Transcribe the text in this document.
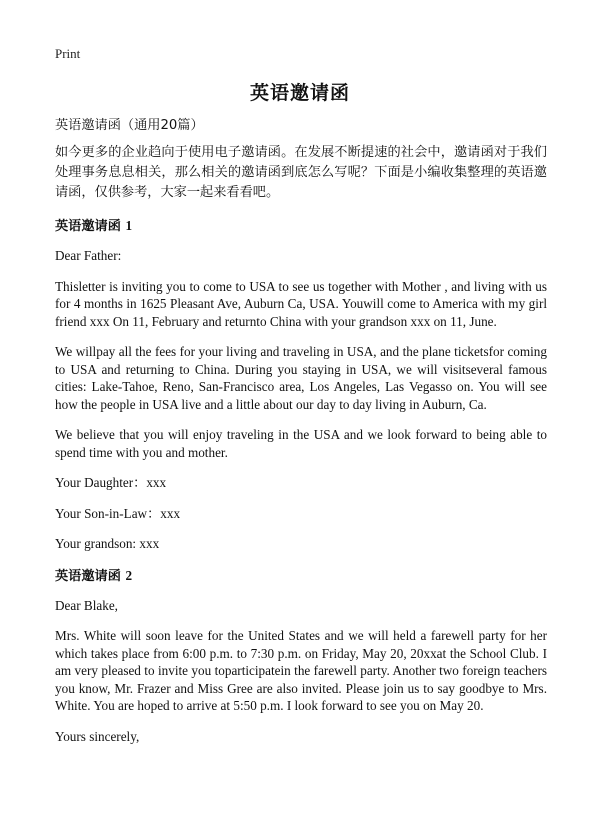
Print
英语邀请函

英语邀请函（通用20篇）

如今更多的企业趋向于使用电子邀请函。在发展不断提速的社会中，邀请函对于我们处理事务息息相关，那么相关的邀请函到底怎么写呢？下面是小编收集整理的英语邀请函，仅供参考，大家一起来看看吧。

英语邀请函 1

Dear Father:

Thisletter is inviting you to come to USA to see us together with Mother , and living with us for 4 months in 1625 Pleasant Ave, Auburn Ca, USA. Youwill come to America with my girl friend xxx On 11, February and returnto China with your grandson xxx on 11, June.

We willpay all the fees for your living and traveling in USA, and the plane ticketsfor coming to USA and returning to China. During you staying in USA, we will visitseveral famous cities: Lake-Tahoe, Reno, San-Francisco area, Los Angeles, Las Vegasso on. You will see how the people in USA live and a little about our day to day living in Auburn, Ca.

We believe that you will enjoy traveling in the USA and we look forward to being able to spend time with you and mother.

Your Daughter：xxx

Your Son-in-Law：xxx

Your grandson: xxx

英语邀请函 2

Dear Blake,

Mrs. White will soon leave for the United States and we will held a farewell party for her which takes place from 6:00 p.m. to 7:30 p.m. on Friday, May 20, 20xxat the School Club. I am very pleased to invite you toparticipatein the farewell party. Another two foreign teachers you know, Mr. Frazer and Miss Gree are also invited. Please join us to say goodbye to Mrs. White. You are hoped to arrive at 5:50 p.m. I look forward to see you on May 20.

Yours sincerely,
